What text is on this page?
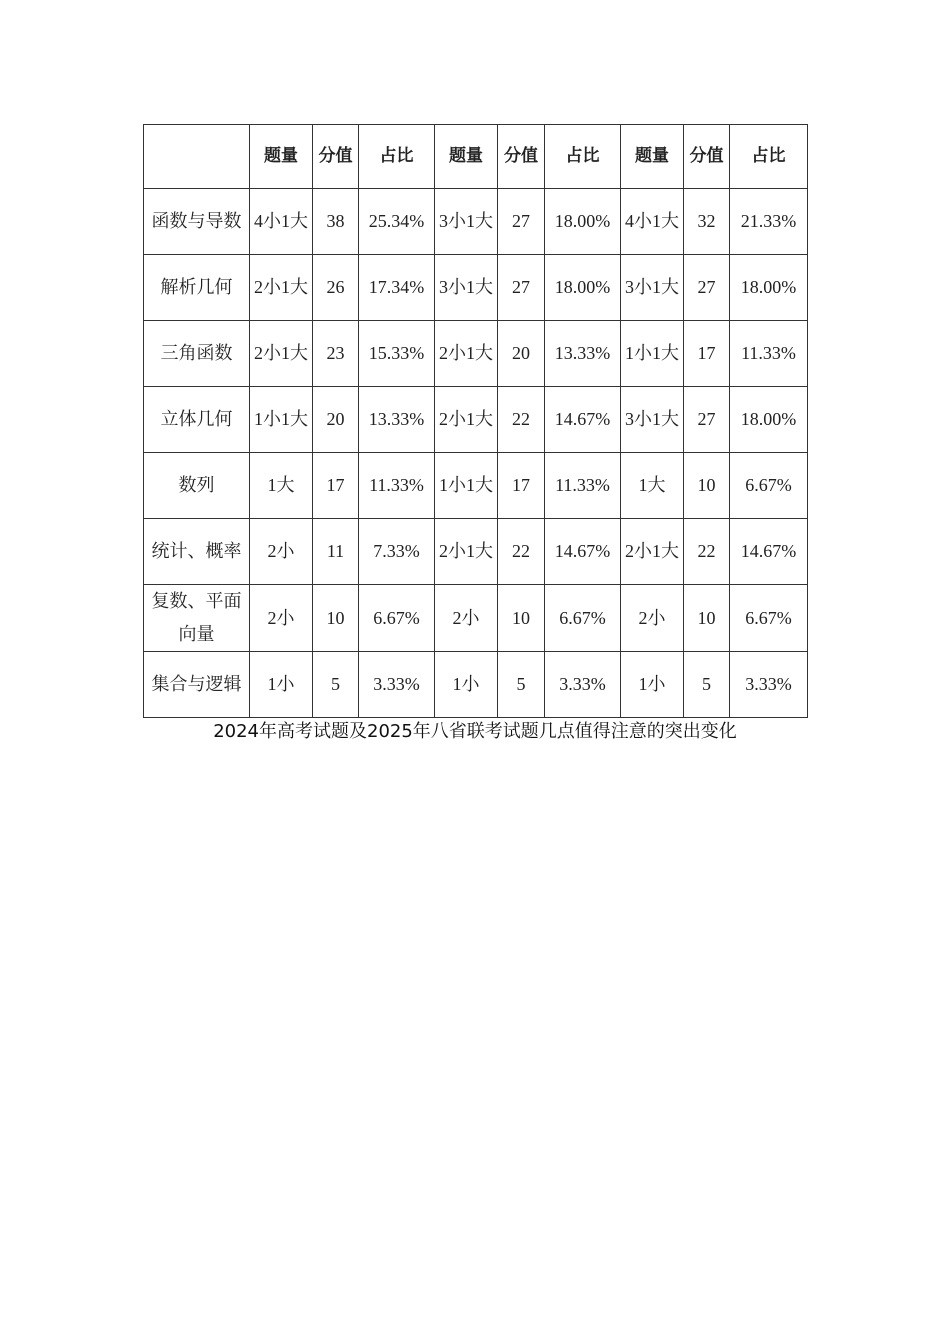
	题量	分值	占比	题量	分值	占比	题量	分值	占比
函数与导数	4小1大	38	25.34%	3小1大	27	18.00%	4小1大	32	21.33%
解析几何	2小1大	26	17.34%	3小1大	27	18.00%	3小1大	27	18.00%
三角函数	2小1大	23	15.33%	2小1大	20	13.33%	1小1大	17	11.33%
立体几何	1小1大	20	13.33%	2小1大	22	14.67%	3小1大	27	18.00%
数列	1大	17	11.33%	1小1大	17	11.33%	1大	10	6.67%
统计、概率	2小	11	7.33%	2小1大	22	14.67%	2小1大	22	14.67%
复数、平面向量	2小	10	6.67%	2小	10	6.67%	2小	10	6.67%
集合与逻辑	1小	5	3.33%	1小	5	3.33%	1小	5	3.33%
2024年高考试题及2025年八省联考试题几点值得注意的突出变化
